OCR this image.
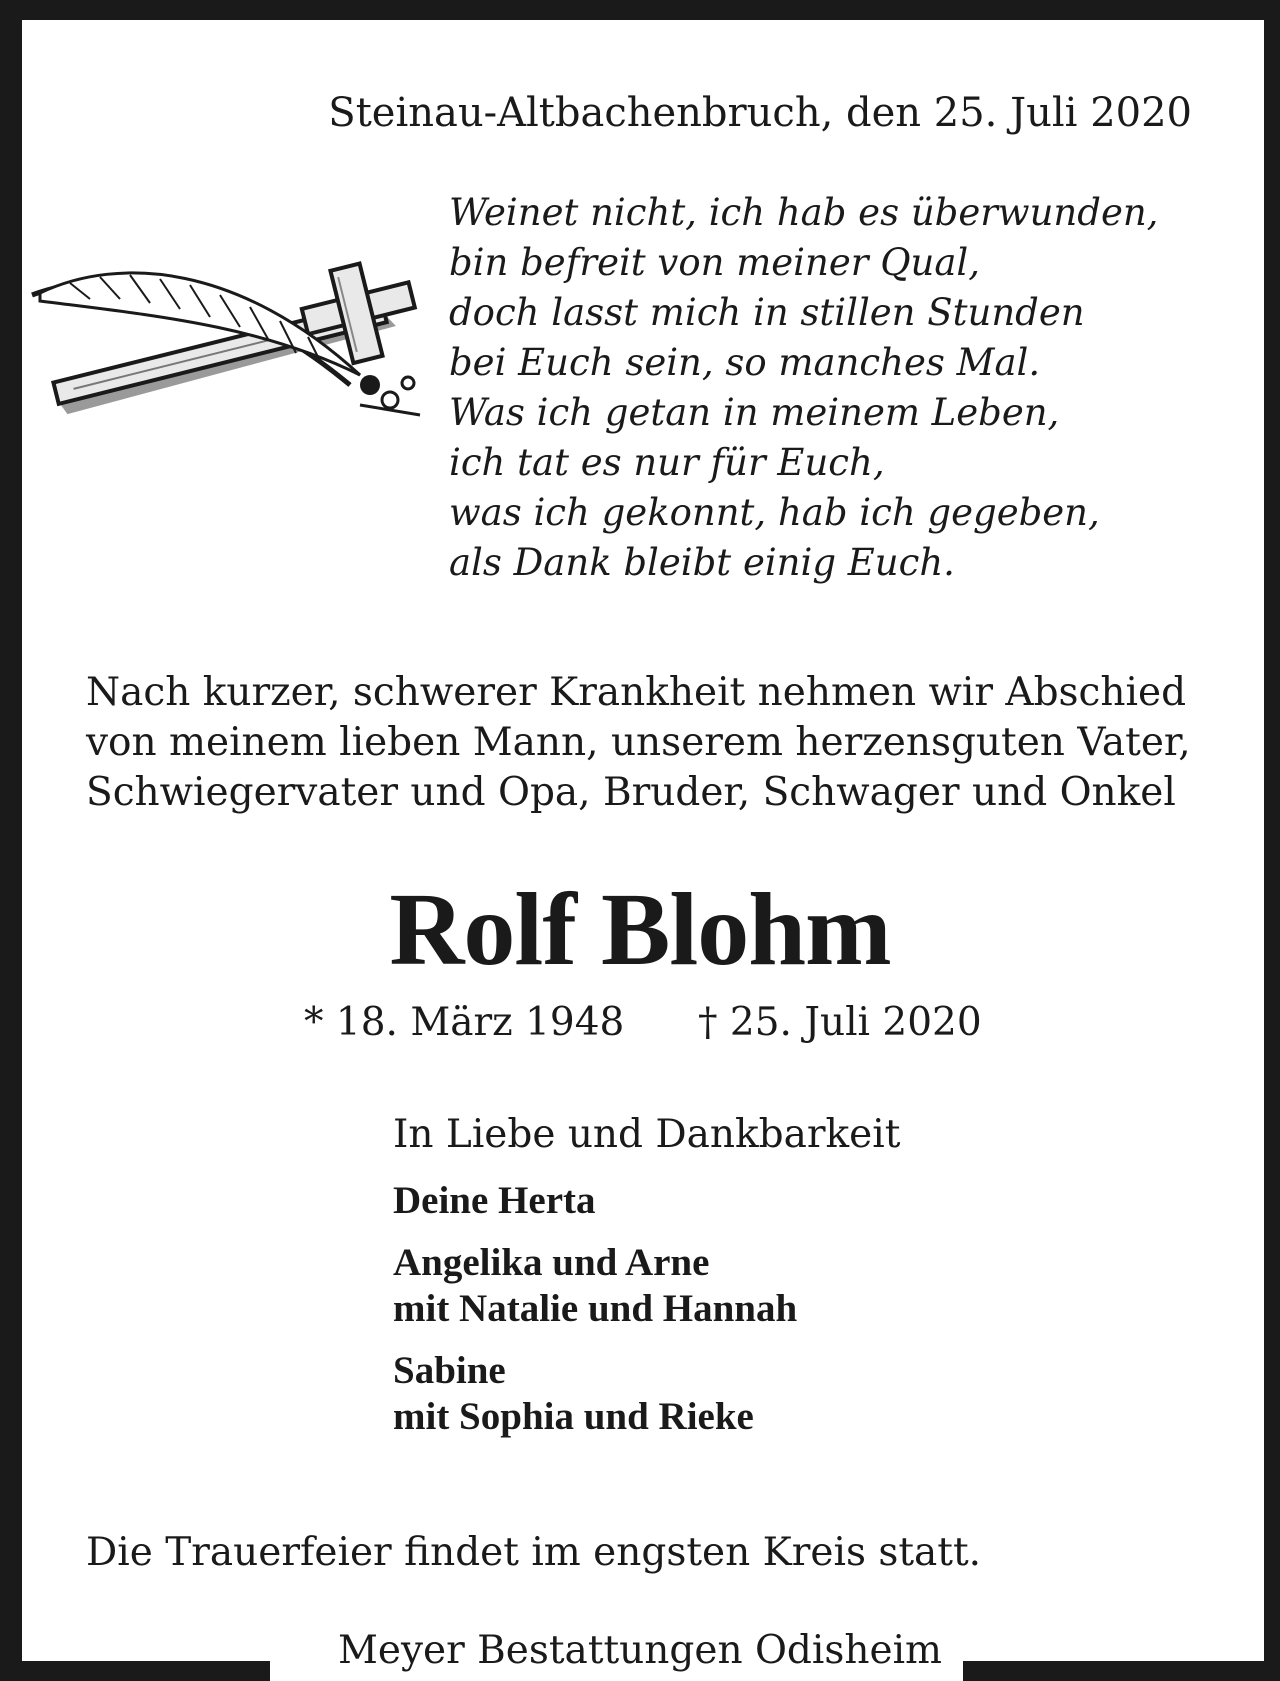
Steinau-Altbachenbruch, den 25. Juli 2020

Weinet nicht, ich hab es überwunden,
bin befreit von meiner Qual,
doch lasst mich in stillen Stunden
bei Euch sein, so manches Mal.
Was ich getan in meinem Leben,
ich tat es nur für Euch,
was ich gekonnt, hab ich gegeben,
als Dank bleibt einig Euch.
Nach kurzer, schwerer Krankheit nehmen wir Abschied
von meinem lieben Mann, unserem herzensguten Vater,
Schwiegervater und Opa, Bruder, Schwager und Onkel
Rolf Blohm

* 18. März 1948 † 25. Juli 2020

In Liebe und Dankbarkeit

Deine Herta
Angelika und Arne
mit Natalie und Hannah
Sabine
mit Sophia und Rieke

Die Trauerfeier findet im engsten Kreis statt.

Meyer Bestattungen Odisheim
